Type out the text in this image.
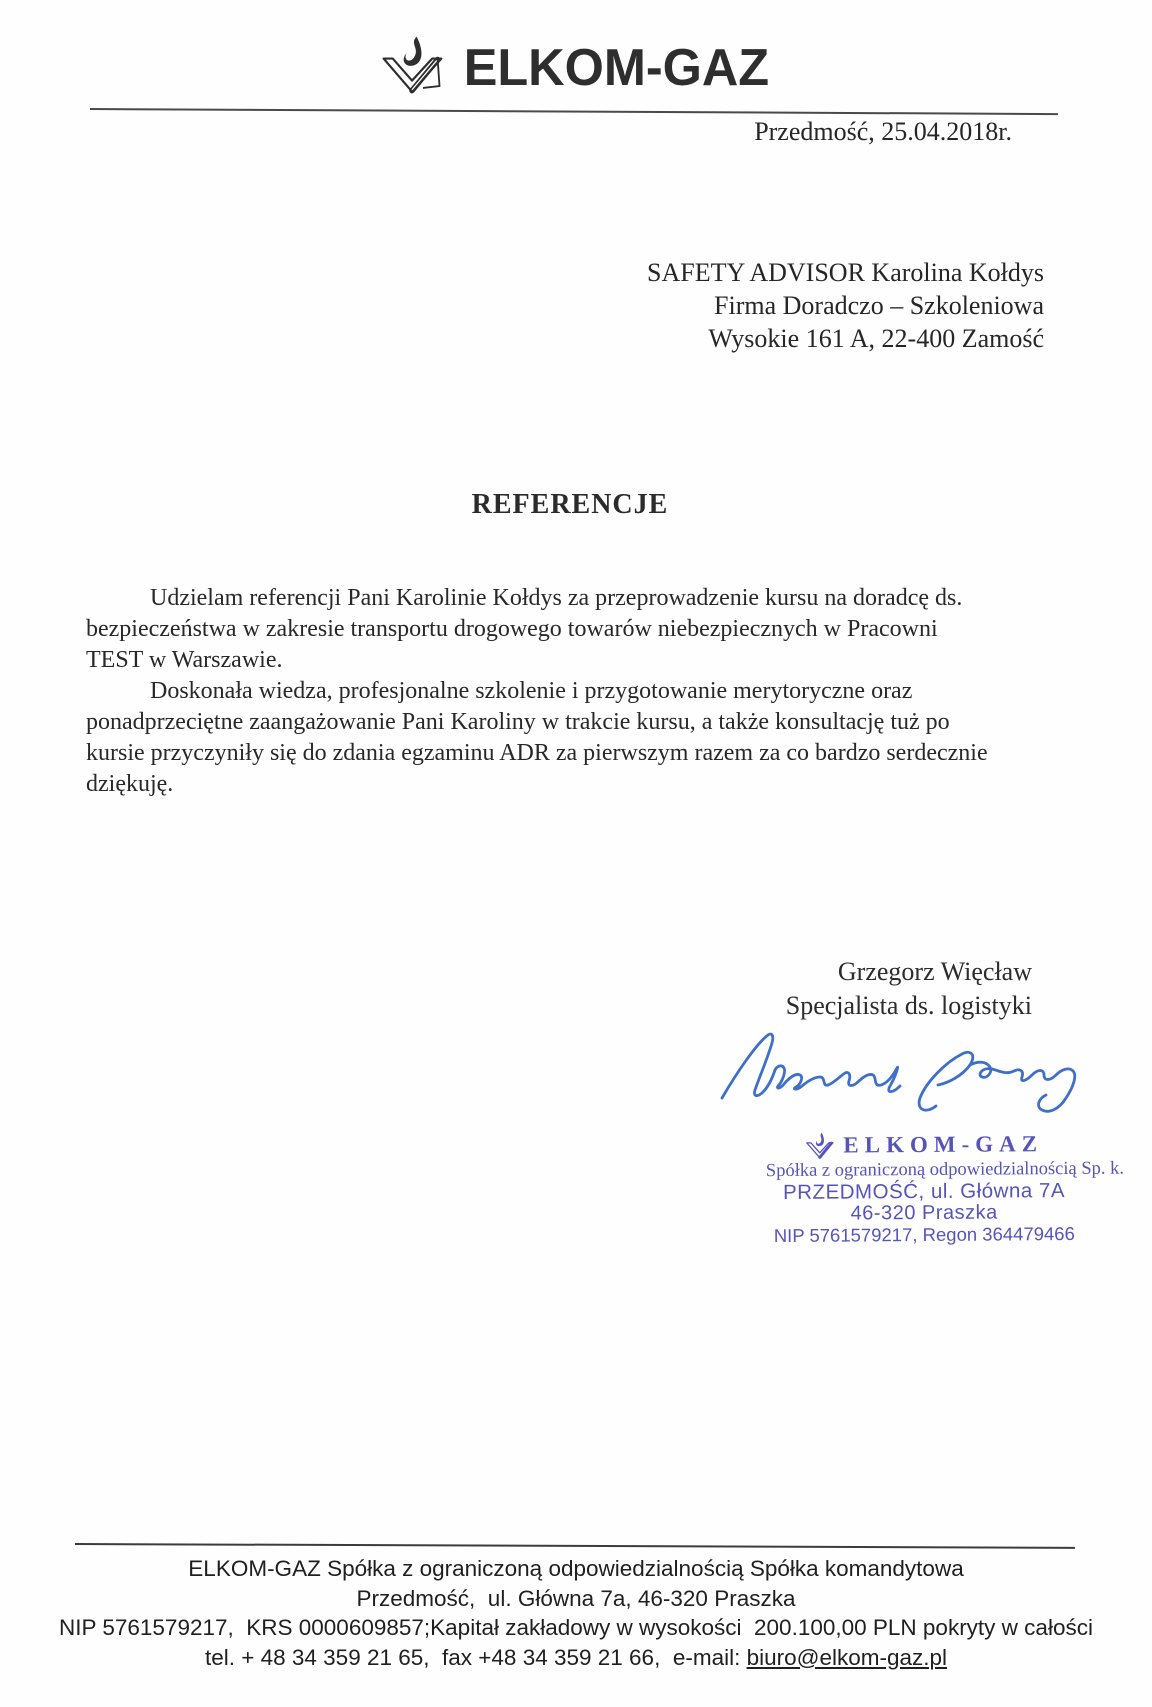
ELKOM-GAZ
Przedmość, 25.04.2018r.
SAFETY ADVISOR Karolina Kołdys
Firma Doradczo – Szkoleniowa
Wysokie 161 A, 22-400 Zamość
REFERENCJE
Udzielam referencji Pani Karolinie Kołdys za przeprowadzenie kursu na doradcę ds.
bezpieczeństwa w zakresie transportu drogowego towarów niebezpiecznych w Pracowni
TEST w Warszawie.
Doskonała wiedza, profesjonalne szkolenie i przygotowanie merytoryczne oraz
ponadprzeciętne zaangażowanie Pani Karoliny w trakcie kursu, a także konsultację tuż po
kursie przyczyniły się do zdania egzaminu ADR za pierwszym razem za co bardzo serdecznie
dziękuję.
Grzegorz Więcław
Specjalista ds. logistyki
ELKOM-GAZ
Spółka z ograniczoną odpowiedzialnością Sp. k.
PRZEDMOŚĆ, ul. Główna 7A
46-320 Praszka
NIP 5761579217, Regon 364479466
ELKOM-GAZ Spółka z ograniczoną odpowiedzialnością Spółka komandytowa
Przedmość,  ul. Główna 7a, 46-320 Praszka
NIP 5761579217,  KRS 0000609857;Kapitał zakładowy w wysokości  200.100,00 PLN pokryty w całości
tel. + 48 34 359 21 65,  fax +48 34 359 21 66,  e-mail: biuro@elkom-gaz.pl
